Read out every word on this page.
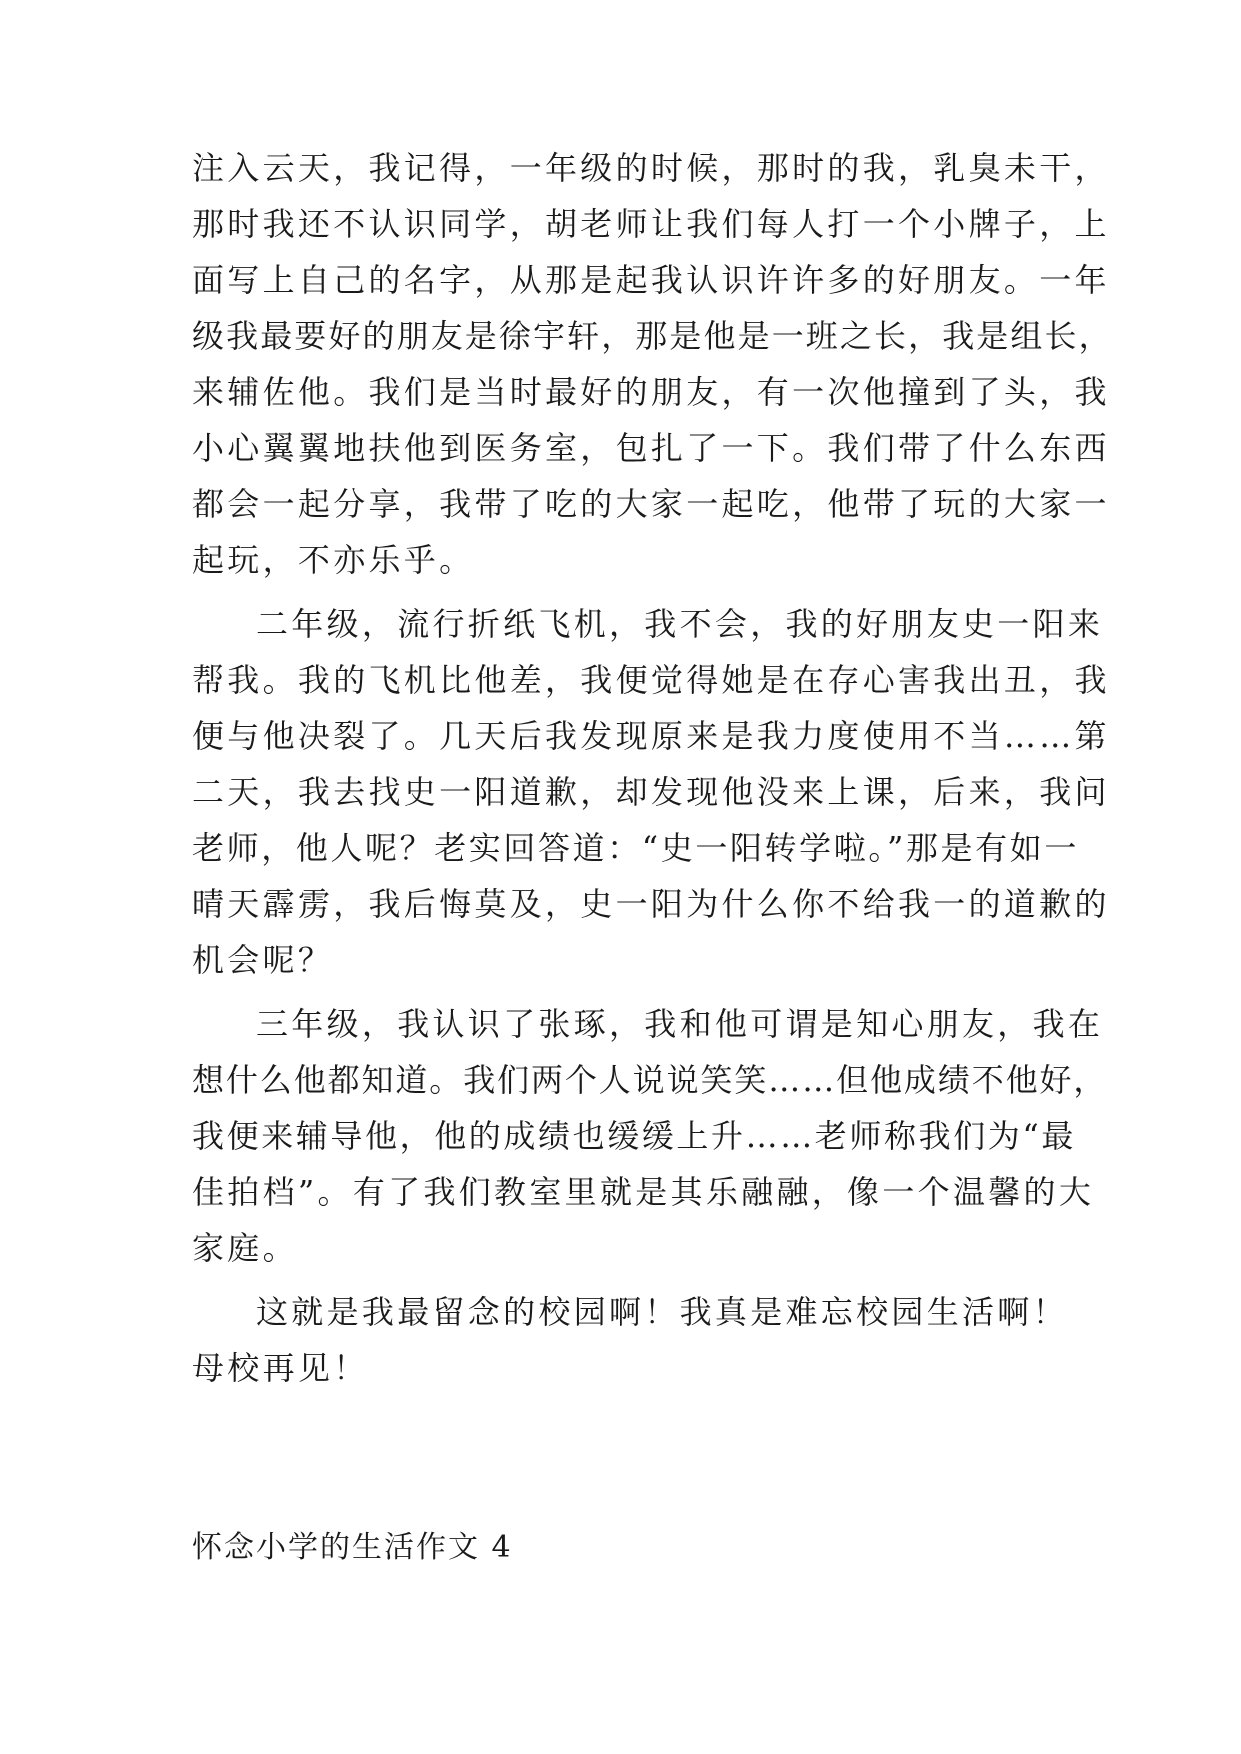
注入云天，我记得，一年级的时候，那时的我，乳臭未干，
那时我还不认识同学，胡老师让我们每人打一个小牌子，上
面写上自己的名字，从那是起我认识许许多的好朋友。一年
级我最要好的朋友是徐宇轩，那是他是一班之长，我是组长，
来辅佐他。我们是当时最好的朋友，有一次他撞到了头，我
小心翼翼地扶他到医务室，包扎了一下。我们带了什么东西
都会一起分享，我带了吃的大家一起吃，他带了玩的大家一
起玩，不亦乐乎。
二年级，流行折纸飞机，我不会，我的好朋友史一阳来
帮我。我的飞机比他差，我便觉得她是在存心害我出丑，我
便与他决裂了。几天后我发现原来是我力度使用不当……第
二天，我去找史一阳道歉，却发现他没来上课，后来，我问
老师，他人呢？老实回答道：“史一阳转学啦。”那是有如一
晴天霹雳，我后悔莫及，史一阳为什么你不给我一的道歉的
机会呢？
三年级，我认识了张琢，我和他可谓是知心朋友，我在
想什么他都知道。我们两个人说说笑笑……但他成绩不他好，
我便来辅导他，他的成绩也缓缓上升……老师称我们为“最
佳拍档”。有了我们教室里就是其乐融融，像一个温馨的大
家庭。
这就是我最留念的校园啊！我真是难忘校园生活啊！
母校再见！
怀念小学的生活作文 4
